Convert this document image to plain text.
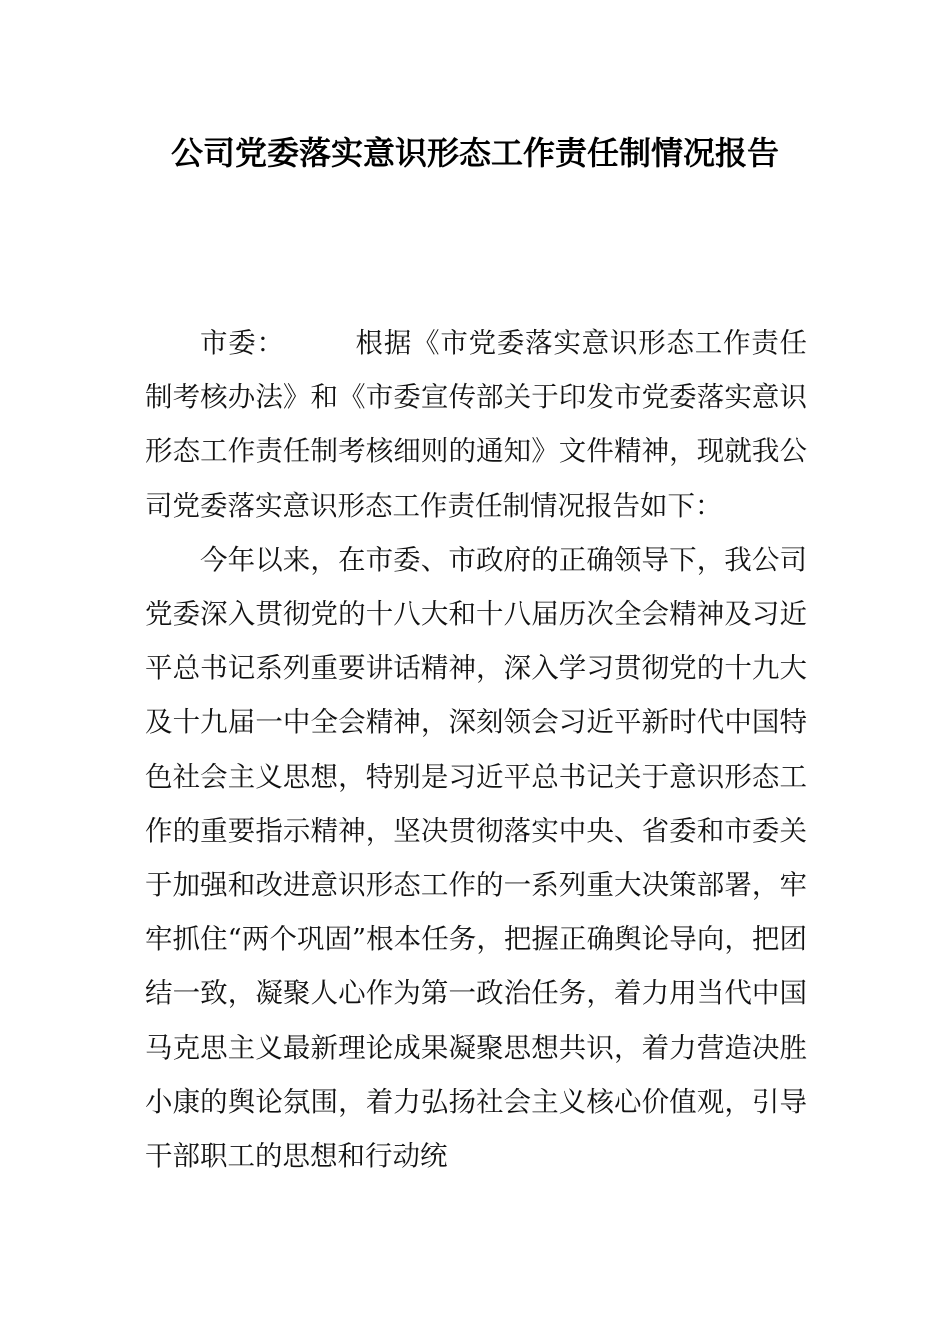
公司党委落实意识形态工作责任制情况报告

市委：	根据《市党委落实意识形态工作责任制考核办法》和《市委宣传部关于印发市党委落实意识形态工作责任制考核细则的通知》文件精神，现就我公司党委落实意识形态工作责任制情况报告如下：

今年以来，在市委、市政府的正确领导下，我公司党委深入贯彻党的十八大和十八届历次全会精神及习近平总书记系列重要讲话精神，深入学习贯彻党的十九大及十九届一中全会精神，深刻领会习近平新时代中国特色社会主义思想，特别是习近平总书记关于意识形态工作的重要指示精神，坚决贯彻落实中央、省委和市委关于加强和改进意识形态工作的一系列重大决策部署，牢牢抓住“两个巩固”根本任务，把握正确舆论导向，把团结一致，凝聚人心作为第一政治任务，着力用当代中国马克思主义最新理论成果凝聚思想共识，着力营造决胜小康的舆论氛围，着力弘扬社会主义核心价值观，引导干部职工的思想和行动统
